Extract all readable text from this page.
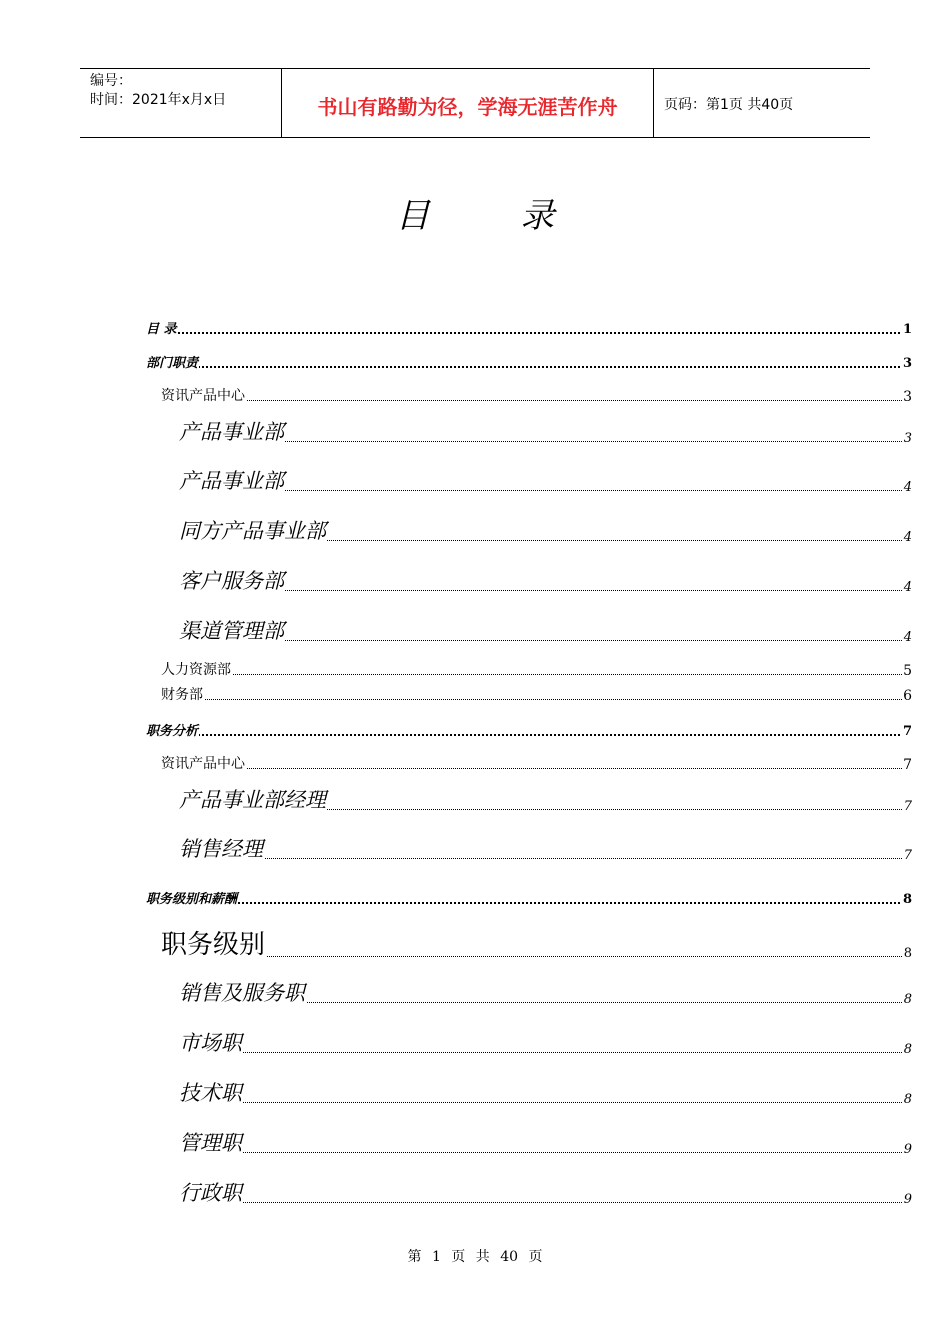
编号：
时间：2021年x月x日	书山有路勤为径，学海无涯苦作舟	页码：第1页 共40页
目 录
目 录	1
部门职责	3
资讯产品中心	3
产品事业部	3
产品事业部	4
同方产品事业部	4
客户服务部	4
渠道管理部	4
人力资源部	5
财务部	6
职务分析	7
资讯产品中心	7
产品事业部经理	7
销售经理	7
职务级别和薪酬	8
职务级别	8
销售及服务职	8
市场职	8
技术职	8
管理职	9
行政职	9
第 1 页 共 40 页
